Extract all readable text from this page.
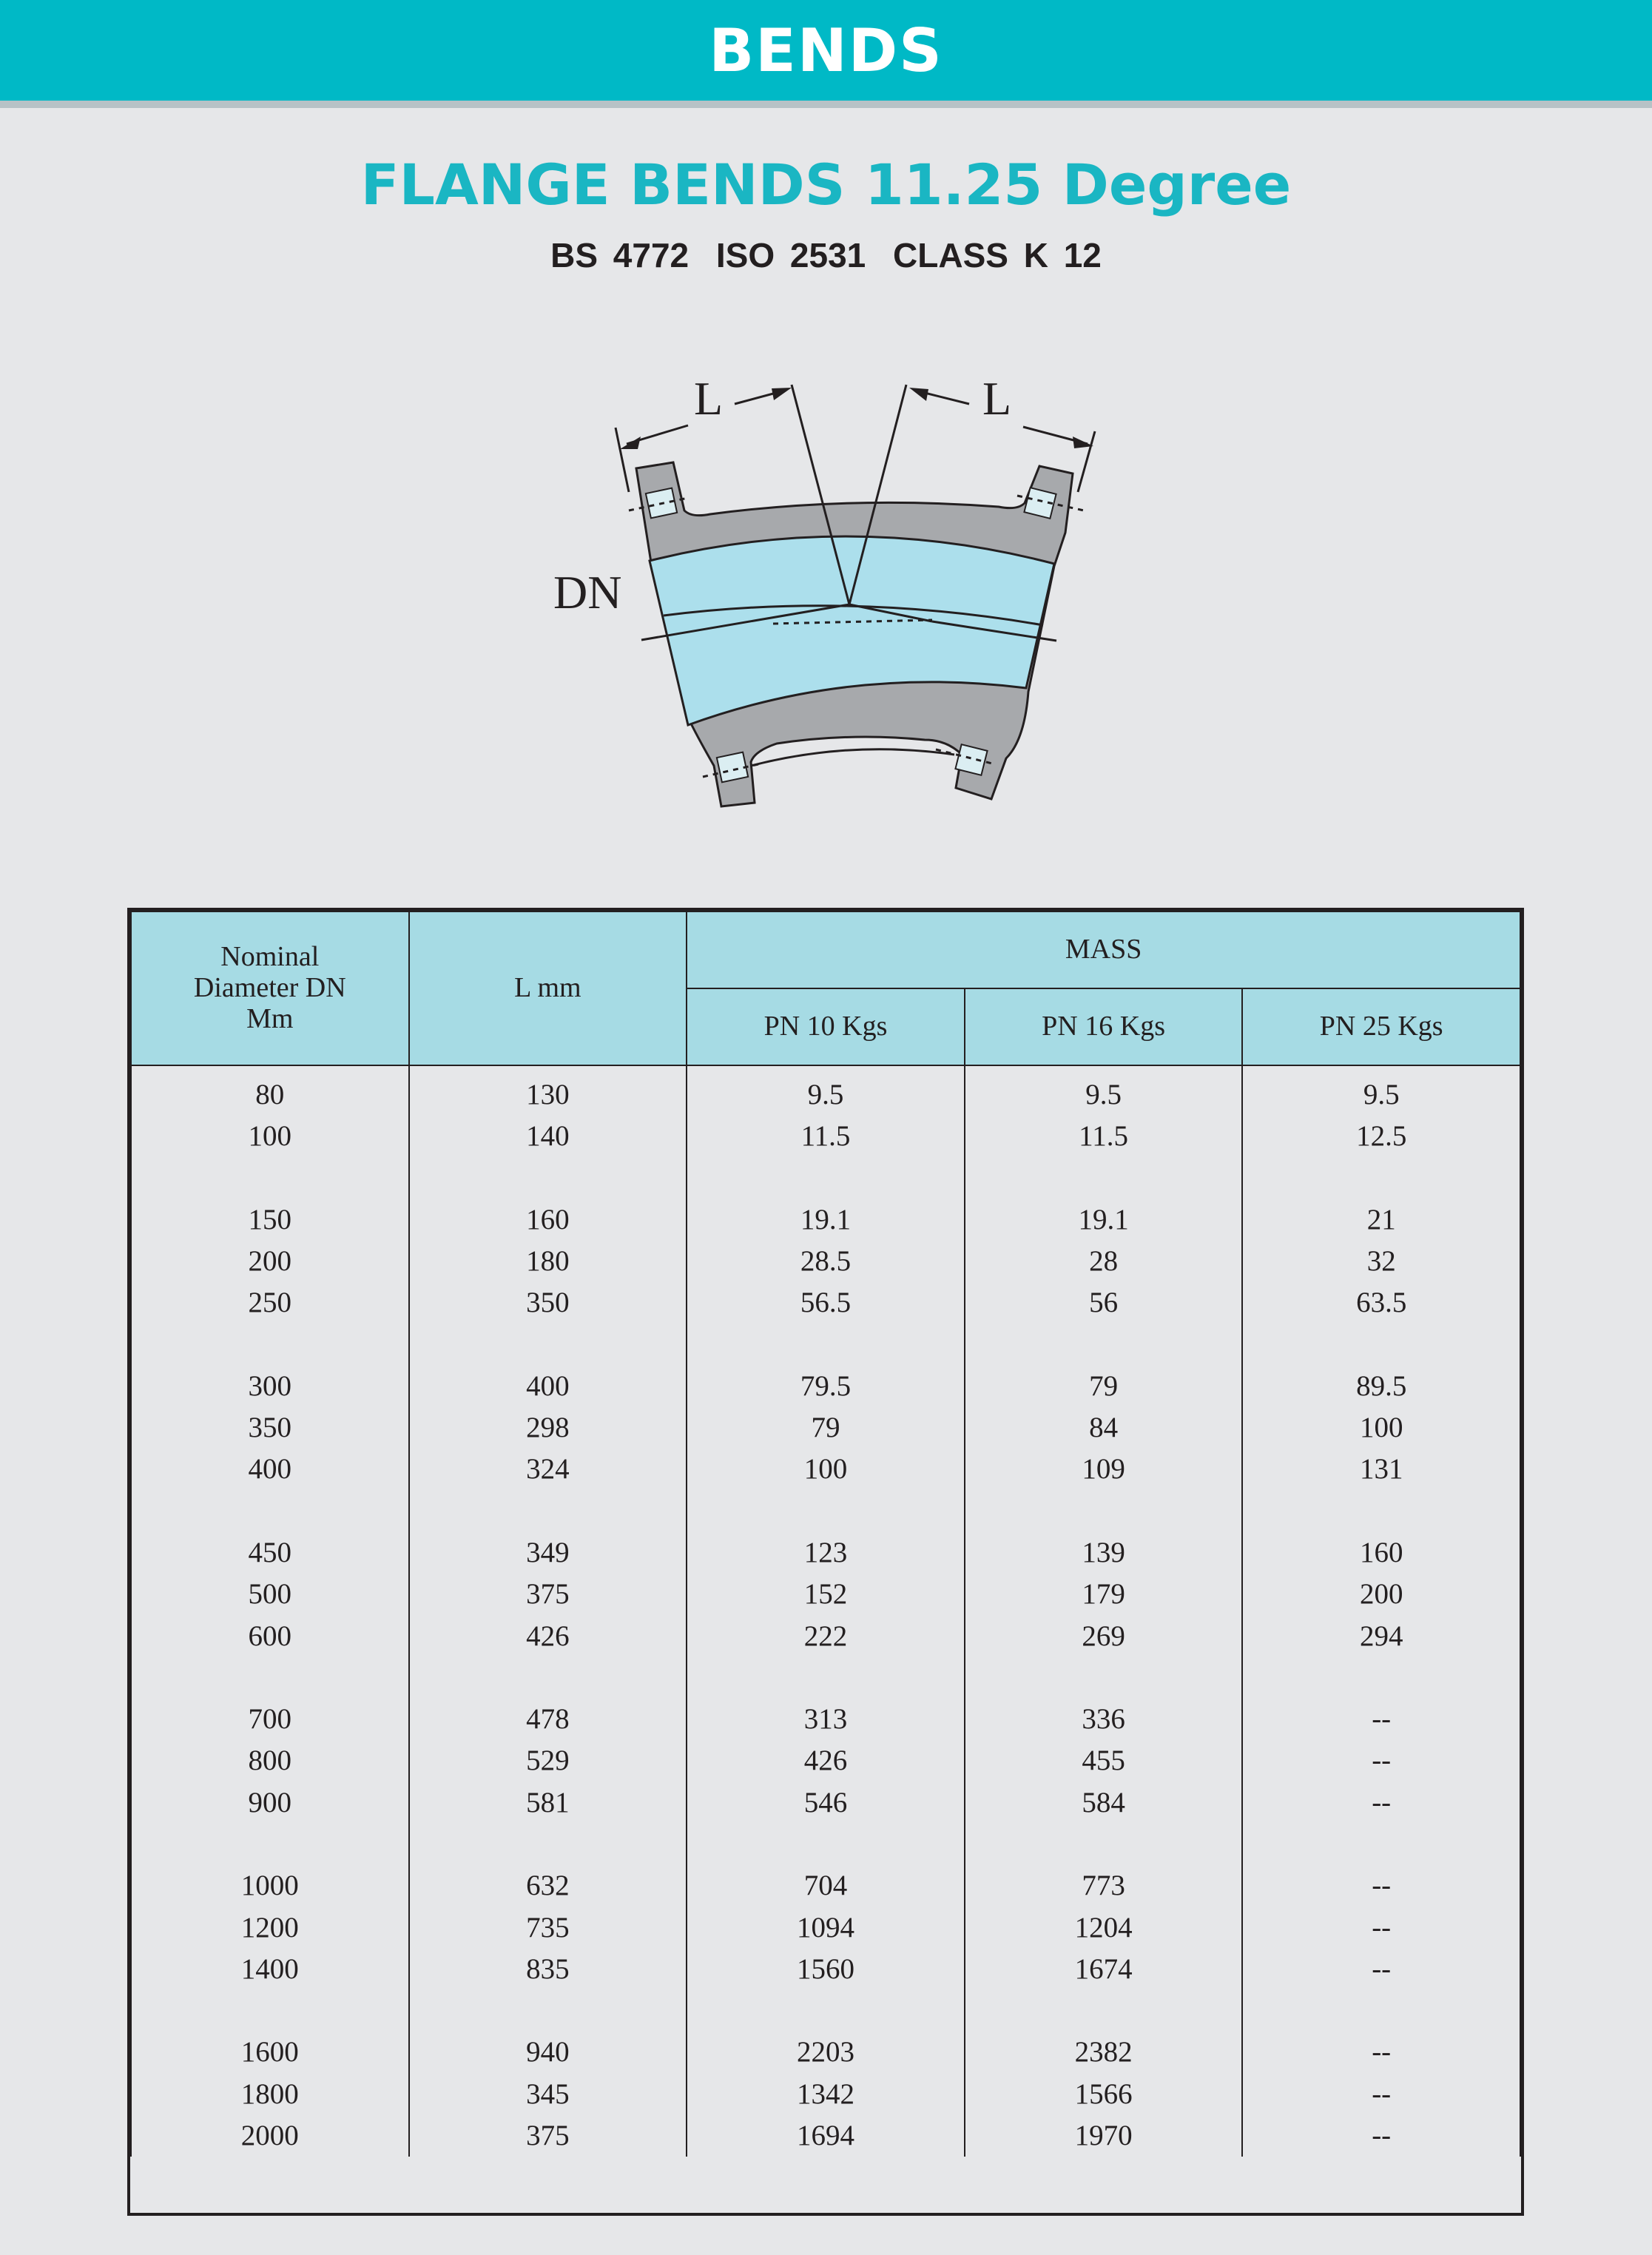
BENDS
FLANGE BENDS 11.25 Degree
BS 4772 ISO 2531 CLASS K 12
L	L
DN
Nominal
Diameter DN
Mm	L mm	MASS		
		PN 10 Kgs	PN 16 Kgs	PN 25 Kgs
80	130	9.5	9.5	9.5
100	140	11.5	11.5	12.5

150	160	19.1	19.1	21
200	180	28.5	28	32
250	350	56.5	56	63.5

300	400	79.5	79	89.5
350	298	79	84	100
400	324	100	109	131

450	349	123	139	160
500	375	152	179	200
600	426	222	269	294

700	478	313	336	--
800	529	426	455	--
900	581	546	584	--

1000	632	704	773	--
1200	735	1094	1204	--
1400	835	1560	1674	--

1600	940	2203	2382	--
1800	345	1342	1566	--
2000	375	1694	1970	--
